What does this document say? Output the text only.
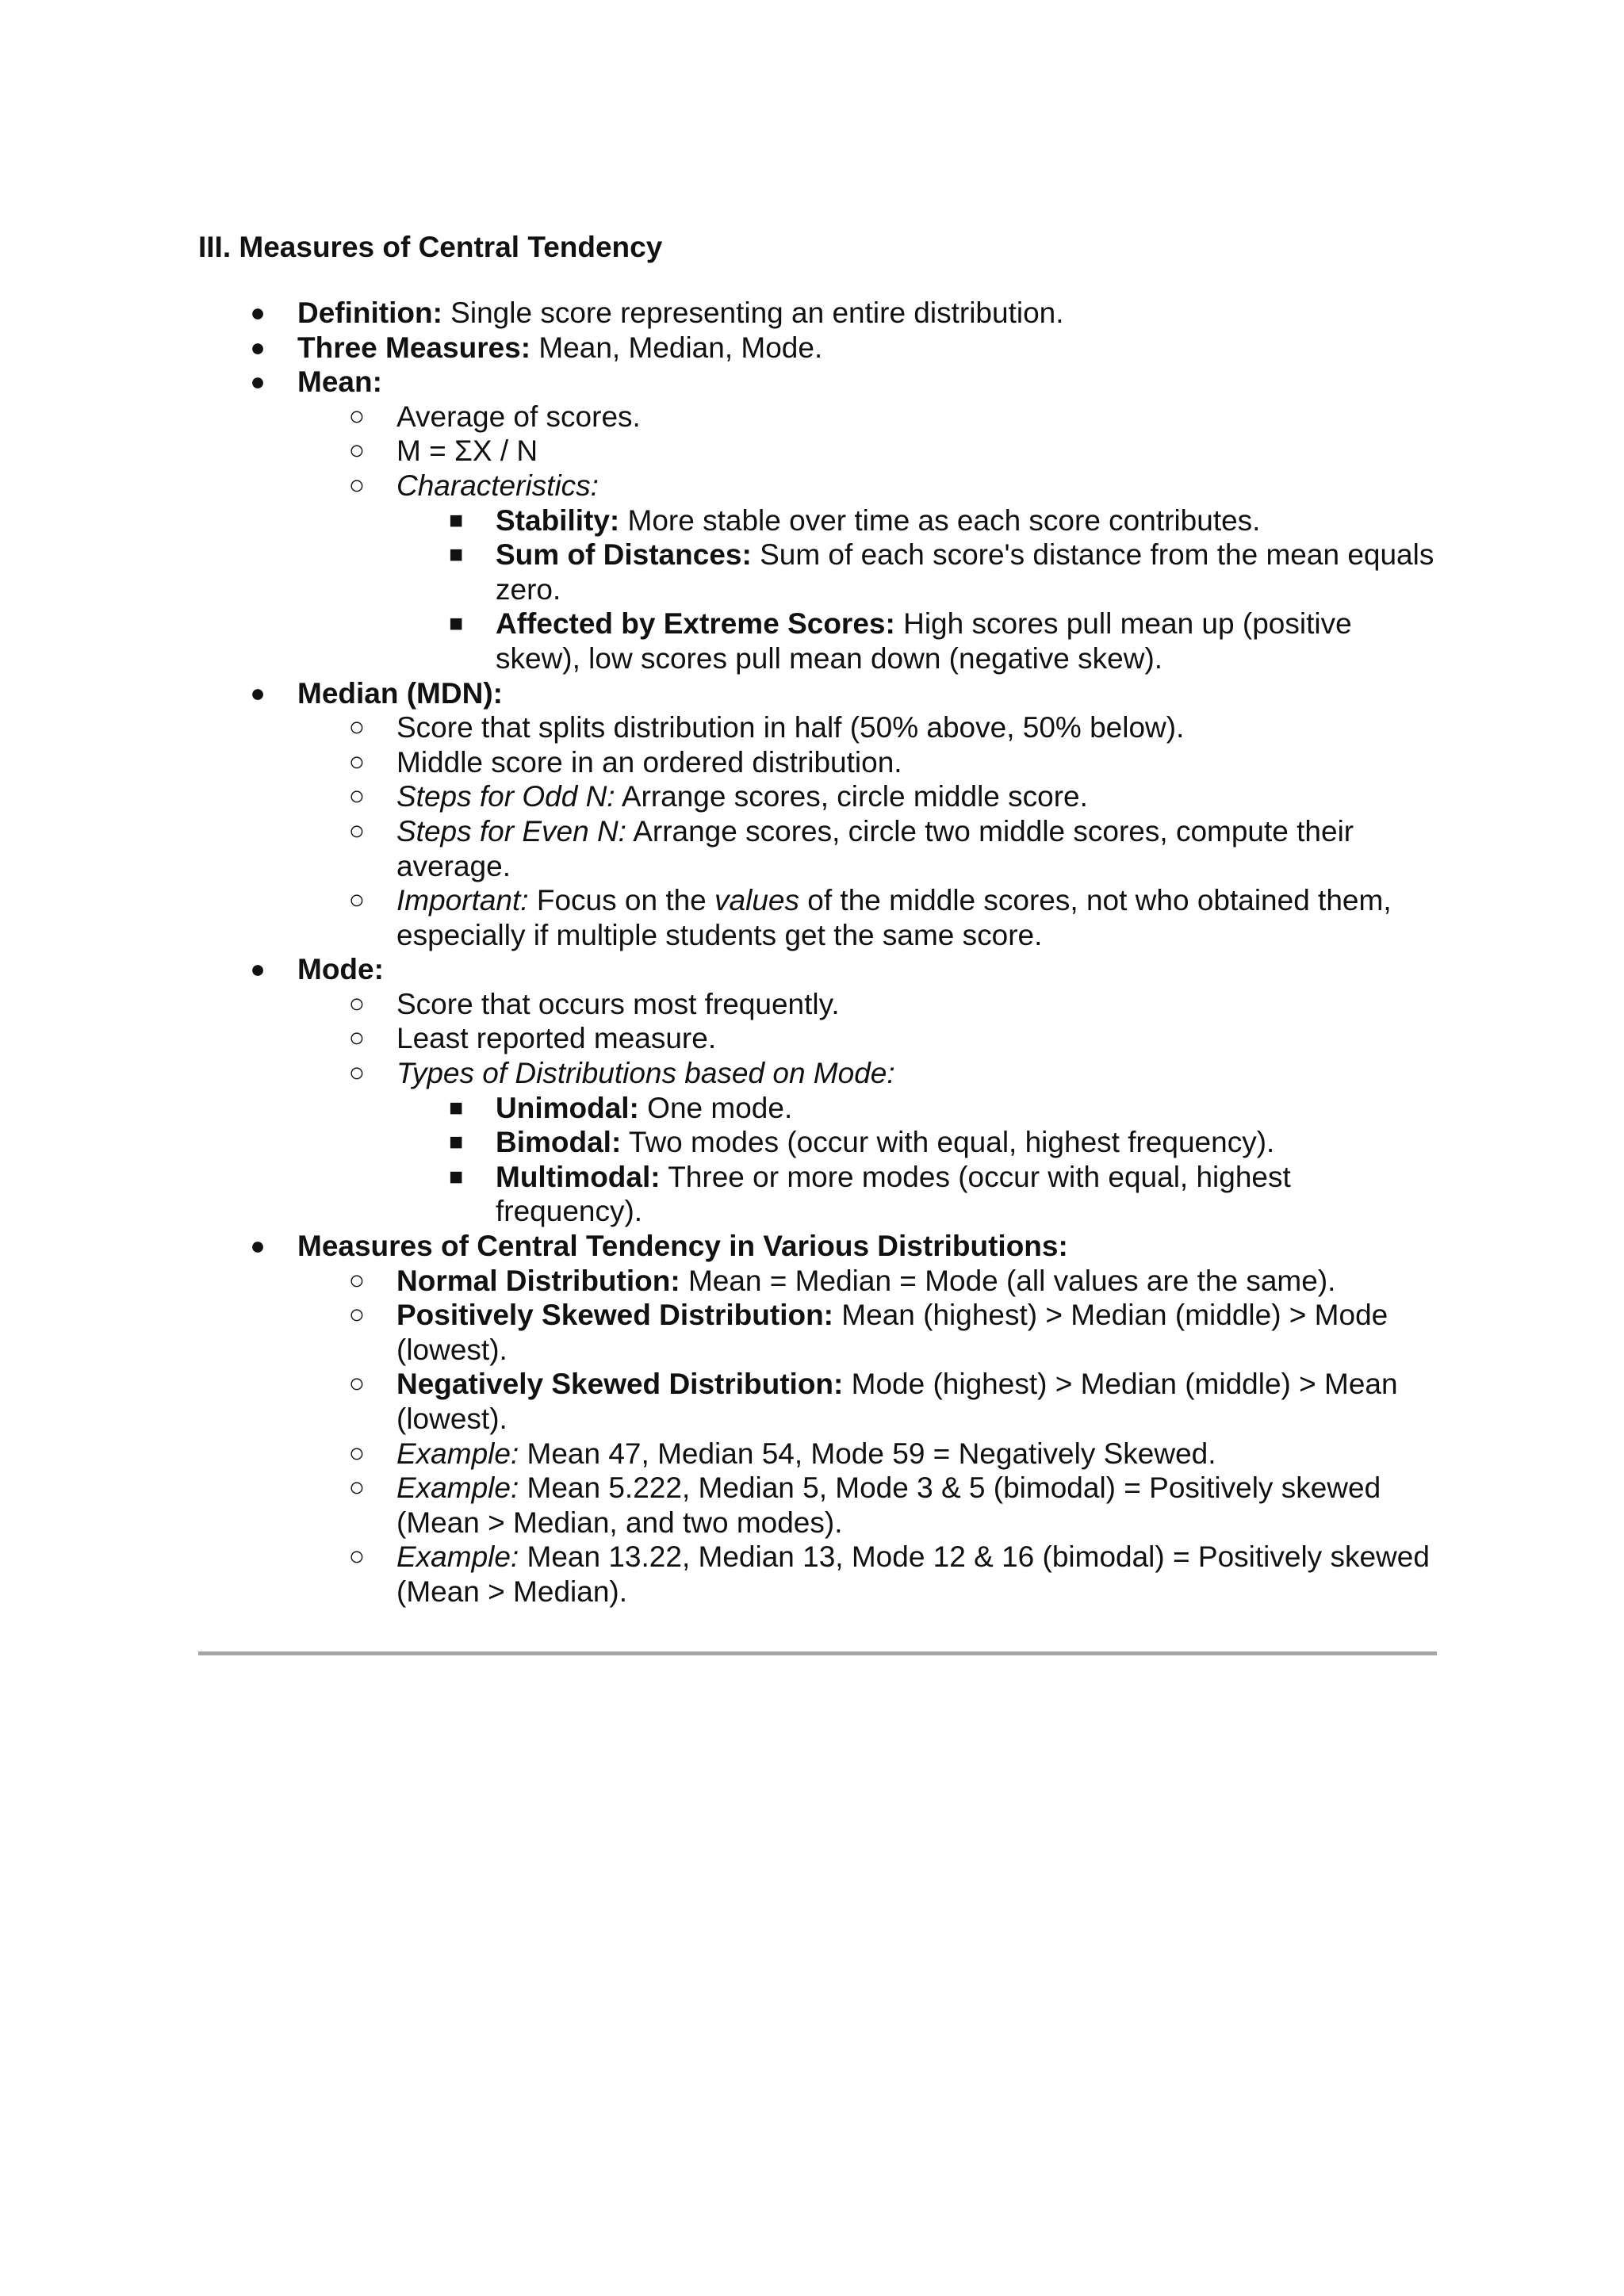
III. Measures of Central Tendency
● Definition: Single score representing an entire distribution.
● Three Measures: Mean, Median, Mode.
● Mean:
○ Average of scores.
○ M = ΣX / N
○ Characteristics:
■ Stability: More stable over time as each score contributes.
■ Sum of Distances: Sum of each score's distance from the mean equals zero.
■ Affected by Extreme Scores: High scores pull mean up (positive skew), low scores pull mean down (negative skew).
● Median (MDN):
○ Score that splits distribution in half (50% above, 50% below).
○ Middle score in an ordered distribution.
○ Steps for Odd N: Arrange scores, circle middle score.
○ Steps for Even N: Arrange scores, circle two middle scores, compute their average.
○ Important: Focus on the values of the middle scores, not who obtained them, especially if multiple students get the same score.
● Mode:
○ Score that occurs most frequently.
○ Least reported measure.
○ Types of Distributions based on Mode:
■ Unimodal: One mode.
■ Bimodal: Two modes (occur with equal, highest frequency).
■ Multimodal: Three or more modes (occur with equal, highest frequency).
● Measures of Central Tendency in Various Distributions:
○ Normal Distribution: Mean = Median = Mode (all values are the same).
○ Positively Skewed Distribution: Mean (highest) > Median (middle) > Mode (lowest).
○ Negatively Skewed Distribution: Mode (highest) > Median (middle) > Mean (lowest).
○ Example: Mean 47, Median 54, Mode 59 = Negatively Skewed.
○ Example: Mean 5.222, Median 5, Mode 3 & 5 (bimodal) = Positively skewed (Mean > Median, and two modes).
○ Example: Mean 13.22, Median 13, Mode 12 & 16 (bimodal) = Positively skewed (Mean > Median).
